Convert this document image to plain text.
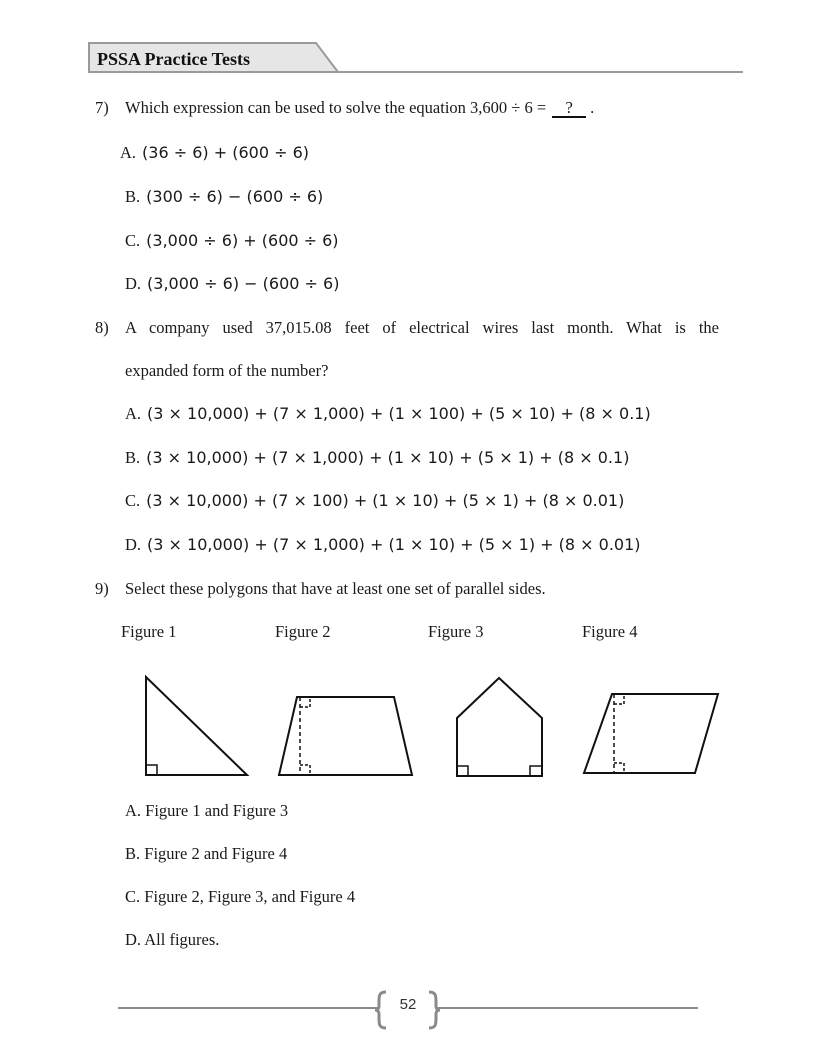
PSSA Practice Tests
7) Which expression can be used to solve the equation 3,600 ÷ 6 = ? .
A. (36 ÷ 6) + (600 ÷ 6)
B. (300 ÷ 6) − (600 ÷ 6)
C. (3,000 ÷ 6) + (600 ÷ 6)
D. (3,000 ÷ 6) − (600 ÷ 6)
8) A company used 37,015.08 feet of electrical wires last month. What is the
expanded form of the number?
A. (3 × 10,000) + (7 × 1,000) + (1 × 100) + (5 × 10) + (8 × 0.1)
B. (3 × 10,000) + (7 × 1,000) + (1 × 10) + (5 × 1) + (8 × 0.1)
C. (3 × 10,000) + (7 × 100) + (1 × 10) + (5 × 1) + (8 × 0.01)
D. (3 × 10,000) + (7 × 1,000) + (1 × 10) + (5 × 1) + (8 × 0.01)
9) Select these polygons that have at least one set of parallel sides.
Figure 1	Figure 2	Figure 3	Figure 4
A. Figure 1 and Figure 3
B. Figure 2 and Figure 4
C. Figure 2, Figure 3, and Figure 4
D. All figures.
52
